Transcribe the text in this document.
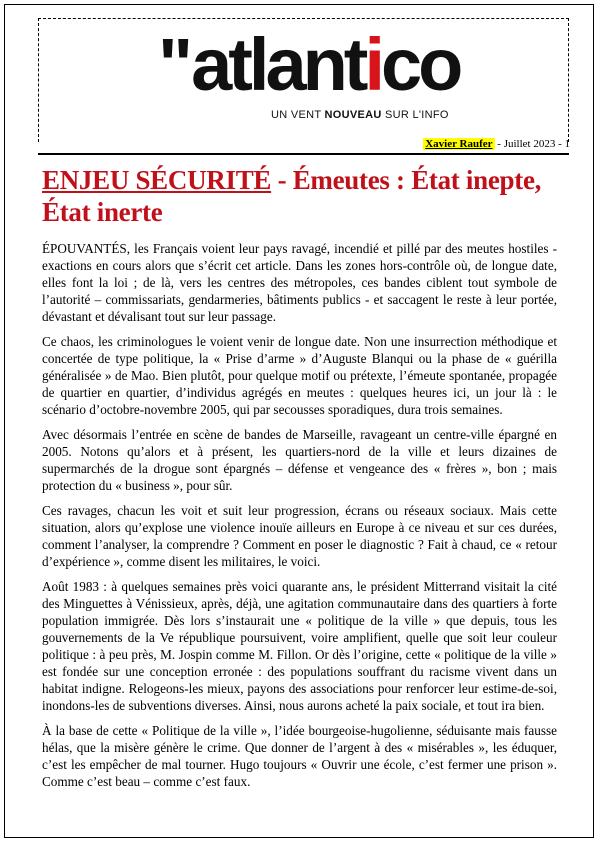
"atlantico
UN VENT NOUVEAU SUR L'INFO
Xavier Raufer - Juillet 2023 - 1
ENJEU SÉCURITÉ - Émeutes : État inepte, État inerte

ÉPOUVANTÉS, les Français voient leur pays ravagé, incendié et pillé par des meutes hostiles - exactions en cours alors que s’écrit cet article. Dans les zones hors-contrôle où, de longue date, elles font la loi ; de là, vers les centres des métropoles, ces bandes ciblent tout symbole de l’autorité – commissariats, gendarmeries, bâtiments publics - et saccagent le reste à leur portée, dévastant et dévalisant tout sur leur passage.

Ce chaos, les criminologues le voient venir de longue date. Non une insurrection méthodique et concertée de type politique, la « Prise d’arme » d’Auguste Blanqui ou la phase de « guérilla généralisée » de Mao. Bien plutôt, pour quelque motif ou prétexte, l’émeute spontanée, propagée de quartier en quartier, d’individus agrégés en meutes : quelques heures ici, un jour là : le scénario d’octobre-novembre 2005, qui par secousses sporadiques, dura trois semaines.

Avec désormais l’entrée en scène de bandes de Marseille, ravageant un centre-ville épargné en 2005. Notons qu’alors et à présent, les quartiers-nord de la ville et leurs dizaines de supermarchés de la drogue sont épargnés – défense et vengeance des « frères », bon ; mais protection du « business », pour sûr.

Ces ravages, chacun les voit et suit leur progression, écrans ou réseaux sociaux. Mais cette situation, alors qu’explose une violence inouïe ailleurs en Europe à ce niveau et sur ces durées, comment l’analyser, la comprendre ? Comment en poser le diagnostic ? Fait à chaud, ce « retour d’expérience », comme disent les militaires, le voici.

Août 1983 : à quelques semaines près voici quarante ans, le président Mitterrand visitait la cité des Minguettes à Vénissieux, après, déjà, une agitation communautaire dans des quartiers à forte population immigrée. Dès lors s’instaurait une « politique de la ville » que depuis, tous les gouvernements de la Ve république poursuivent, voire amplifient, quelle que soit leur couleur politique : à peu près, M. Jospin comme M. Fillon. Or dès l’origine, cette « politique de la ville » est fondée sur une conception erronée : des populations souffrant du racisme vivent dans un habitat indigne. Relogeons-les mieux, payons des associations pour renforcer leur estime-de-soi, inondons-les de subventions diverses. Ainsi, nous aurons acheté la paix sociale, et tout ira bien.

À la base de cette « Politique de la ville », l’idée bourgeoise-hugolienne, séduisante mais fausse hélas, que la misère génère le crime. Que donner de l’argent à des « misérables », les éduquer, c’est les empêcher de mal tourner. Hugo toujours « Ouvrir une école, c’est fermer une prison ». Comme c’est beau – comme c’est faux.
